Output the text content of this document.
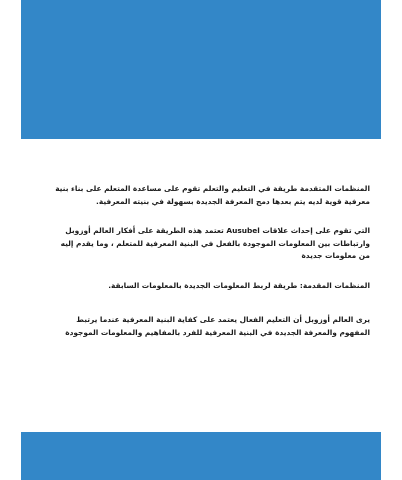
المنظمات المتقدمة طريقة في التعليم والتعلم تقوم على مساعدة المتعلم على بناء بنية
معرفية قوية لديه يتم بعدها دمج المعرفة الجديدة بسهولة في بنيته المعرفية.

التي تقوم على إحداث علاقات Ausubel تعتمد هذه الطريقة على أفكار العالم أوزوبل
وارتباطات بين المعلومات الموجودة بالفعل في البنية المعرفية للمتعلم ، وما يقدم إليه
من معلومات جديدة

المنظمات المقدمة: طريقة لربط المعلومات الجديدة بالمعلومات السابقة.

يرى العالم أوزوبل أن التعليم الفعال يعتمد على كفاية البنية المعرفية عندما يرتبط
المفهوم والمعرفة الجديدة في البنية المعرفية للفرد بالمفاهيم والمعلومات الموجودة
